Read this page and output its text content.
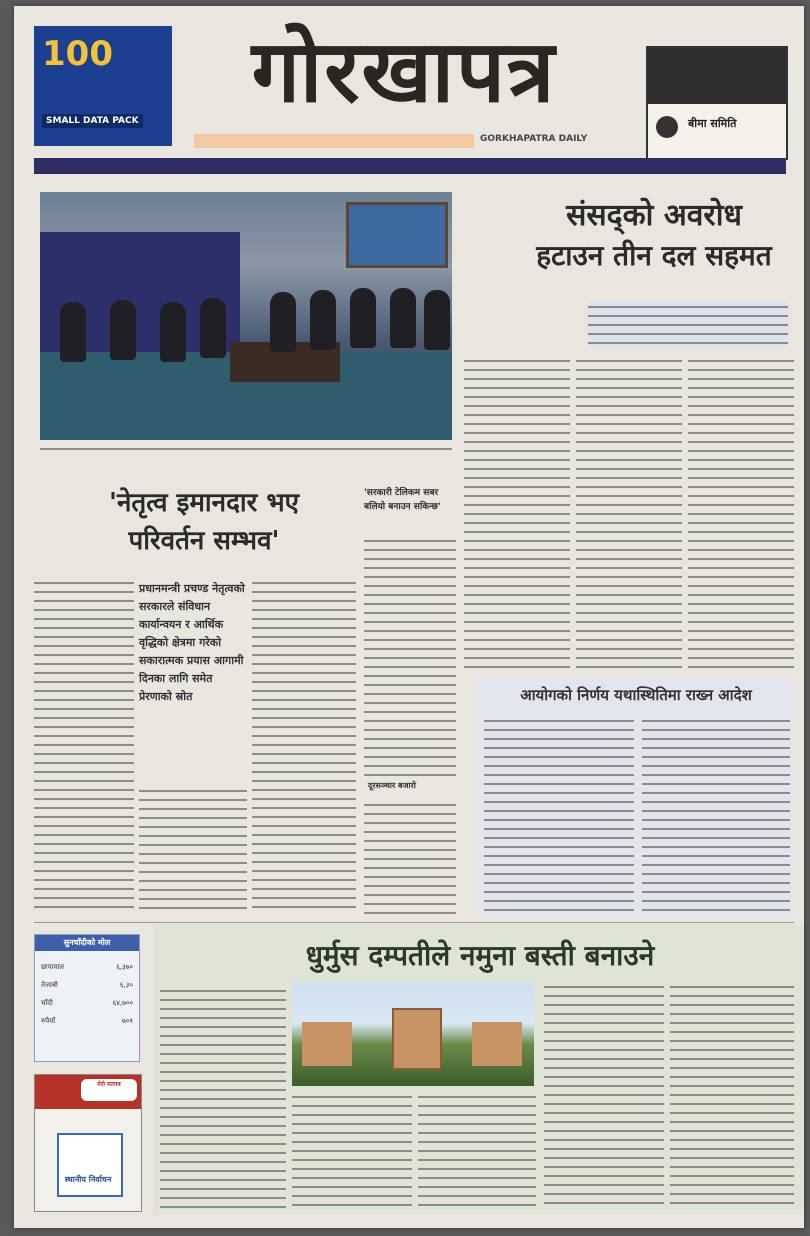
100
SMALL DATA PACK	गोरखापत्र
GORKHAPATRA DAILY
बीमा समिति
संसद्को अवरोध
हटाउन तीन दल सहमत
'नेतृत्व इमानदार भए
परिवर्तन सम्भव'
प्रधानमन्त्री प्रचण्ड नेतृत्वको सरकारले संविधान कार्यान्वयन र आर्थिक वृद्धिको क्षेत्रमा गरेको सकारात्मक प्रयास आगामी दिनका लागि समेत प्रेरणाको स्रोत
'सरकारी टेलिकम सबर बलियो बनाउन सकिन्छ'
दूरसञ्चार बजारो
आयोगको निर्णय यथास्थितिमा राख्न आदेश
धुर्मुस दम्पतीले नमुना बस्ती बनाउने
सुनचाँदीको मोल
छापावाल	६,३७०
तेजाबी	६,३०
चाँदी	६४,७००
रुपैयाँ	७०१
मेरो मतपत्र
स्थानीय निर्वाचन
